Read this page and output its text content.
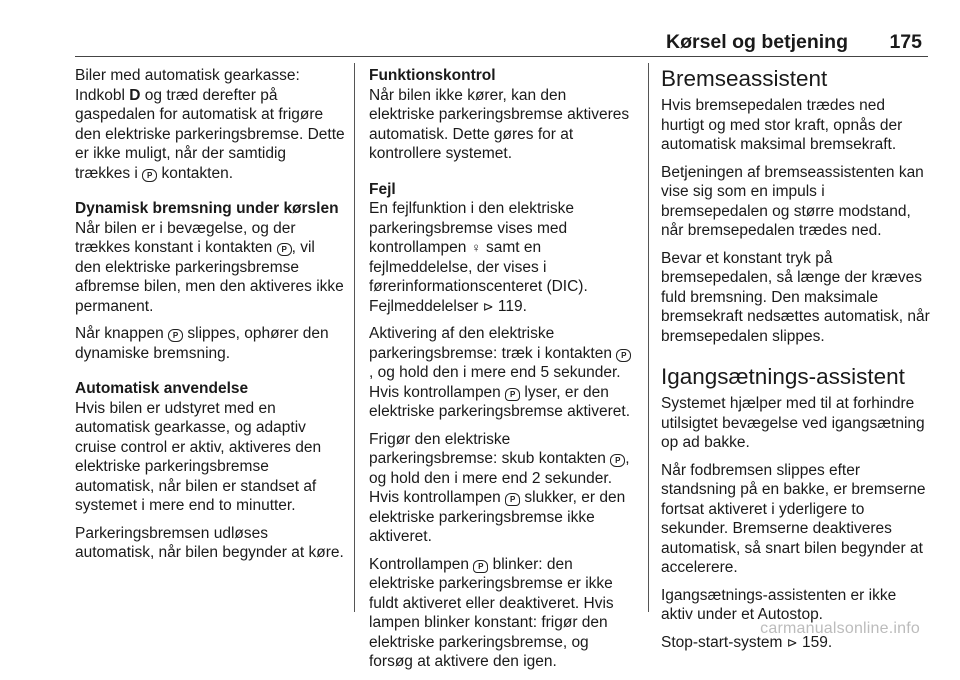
Kørsel og betjening 175

Biler med automatisk gearkasse: Indkobl D og træd derefter på gaspedalen for automatisk at frigøre den elektriske parkeringsbremse. Dette er ikke muligt, når der samtidig trækkes i P kontakten.

Dynamisk bremsning under kørslen

Når bilen er i bevægelse, og der trækkes konstant i kontakten P , vil den elektriske parkeringsbremse afbremse bilen, men den aktiveres ikke permanent.

Når knappen P slippes, ophører den dynamiske bremsning.

Automatisk anvendelse

Hvis bilen er udstyret med en automatisk gearkasse, og adaptiv cruise control er aktiv, aktiveres den elektriske parkeringsbremse automatisk, når bilen er standset af systemet i mere end to minutter.

Parkeringsbremsen udløses automatisk, når bilen begynder at køre.

Funktionskontrol

Når bilen ikke kører, kan den elektriske parkeringsbremse aktiveres automatisk. Dette gøres for at kontrollere systemet.

Fejl

En fejlfunktion i den elektriske parkeringsbremse vises med kontrollampen ♀ samt en fejlmeddelelse, der vises i førerinformationscenteret (DIC). Fejlmeddelelser ⊳ 119.

Aktivering af den elektriske parkeringsbremse: træk i kontakten P, og hold den i mere end 5 sekunder. Hvis kontrollampen P lyser, er den elektriske parkeringsbremse aktiveret.

Frigør den elektriske parkeringsbremse: skub kontakten P , og hold den i mere end 2 sekunder. Hvis kontrollampen P slukker, er den elektriske parkeringsbremse ikke aktiveret.

Kontrollampen P blinker: den elektriske parkeringsbremse er ikke fuldt aktiveret eller deaktiveret. Hvis lampen blinker konstant: frigør den elektriske parkeringsbremse, og forsøg at aktivere den igen.

Bremseassistent

Hvis bremsepedalen trædes ned hurtigt og med stor kraft, opnås der automatisk maksimal bremsekraft.

Betjeningen af bremseassistenten kan vise sig som en impuls i bremsepedalen og større modstand, når bremsepedalen trædes ned.

Bevar et konstant tryk på bremsepedalen, så længe der kræves fuld bremsning. Den maksimale bremsekraft nedsættes automatisk, når bremsepedalen slippes.

Igangsætnings-assistent

Systemet hjælper med til at forhindre utilsigtet bevægelse ved igangsætning op ad bakke.

Når fodbremsen slippes efter standsning på en bakke, er bremserne fortsat aktiveret i yderligere to sekunder. Bremserne deaktiveres automatisk, så snart bilen begynder at accelerere.

Igangsætnings-assistenten er ikke aktiv under et Autostop.

Stop-start-system ⊳ 159.

carmanualsonline.info
